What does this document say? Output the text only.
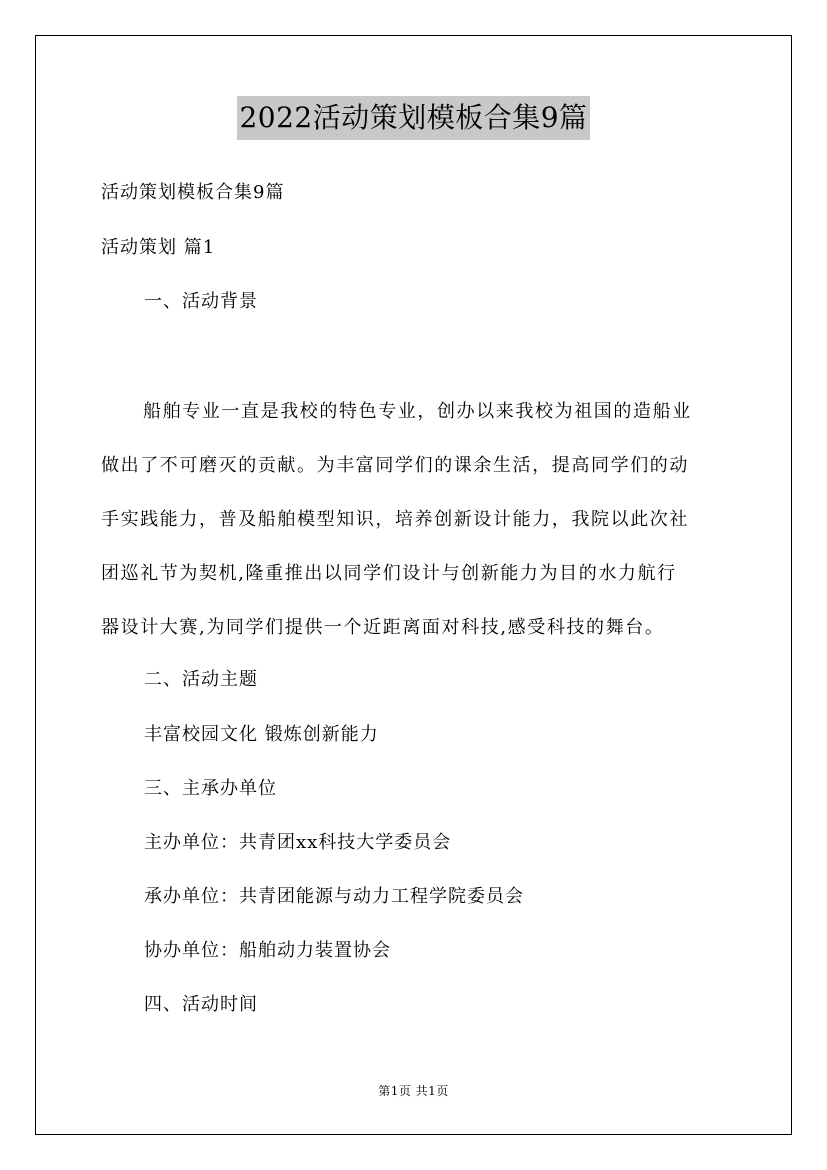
2022活动策划模板合集9篇
活动策划模板合集9篇
活动策划 篇1
一、活动背景
船舶专业一直是我校的特色专业，创办以来我校为祖国的造船业
做出了不可磨灭的贡献。为丰富同学们的课余生活，提高同学们的动
手实践能力，普及船舶模型知识，培养创新设计能力，我院以此次社
团巡礼节为契机,隆重推出以同学们设计与创新能力为目的水力航行
器设计大赛,为同学们提供一个近距离面对科技,感受科技的舞台。
二、活动主题
丰富校园文化 锻炼创新能力
三、主承办单位
主办单位：共青团xx科技大学委员会
承办单位：共青团能源与动力工程学院委员会
协办单位：船舶动力装置协会
四、活动时间
第1页 共1页
